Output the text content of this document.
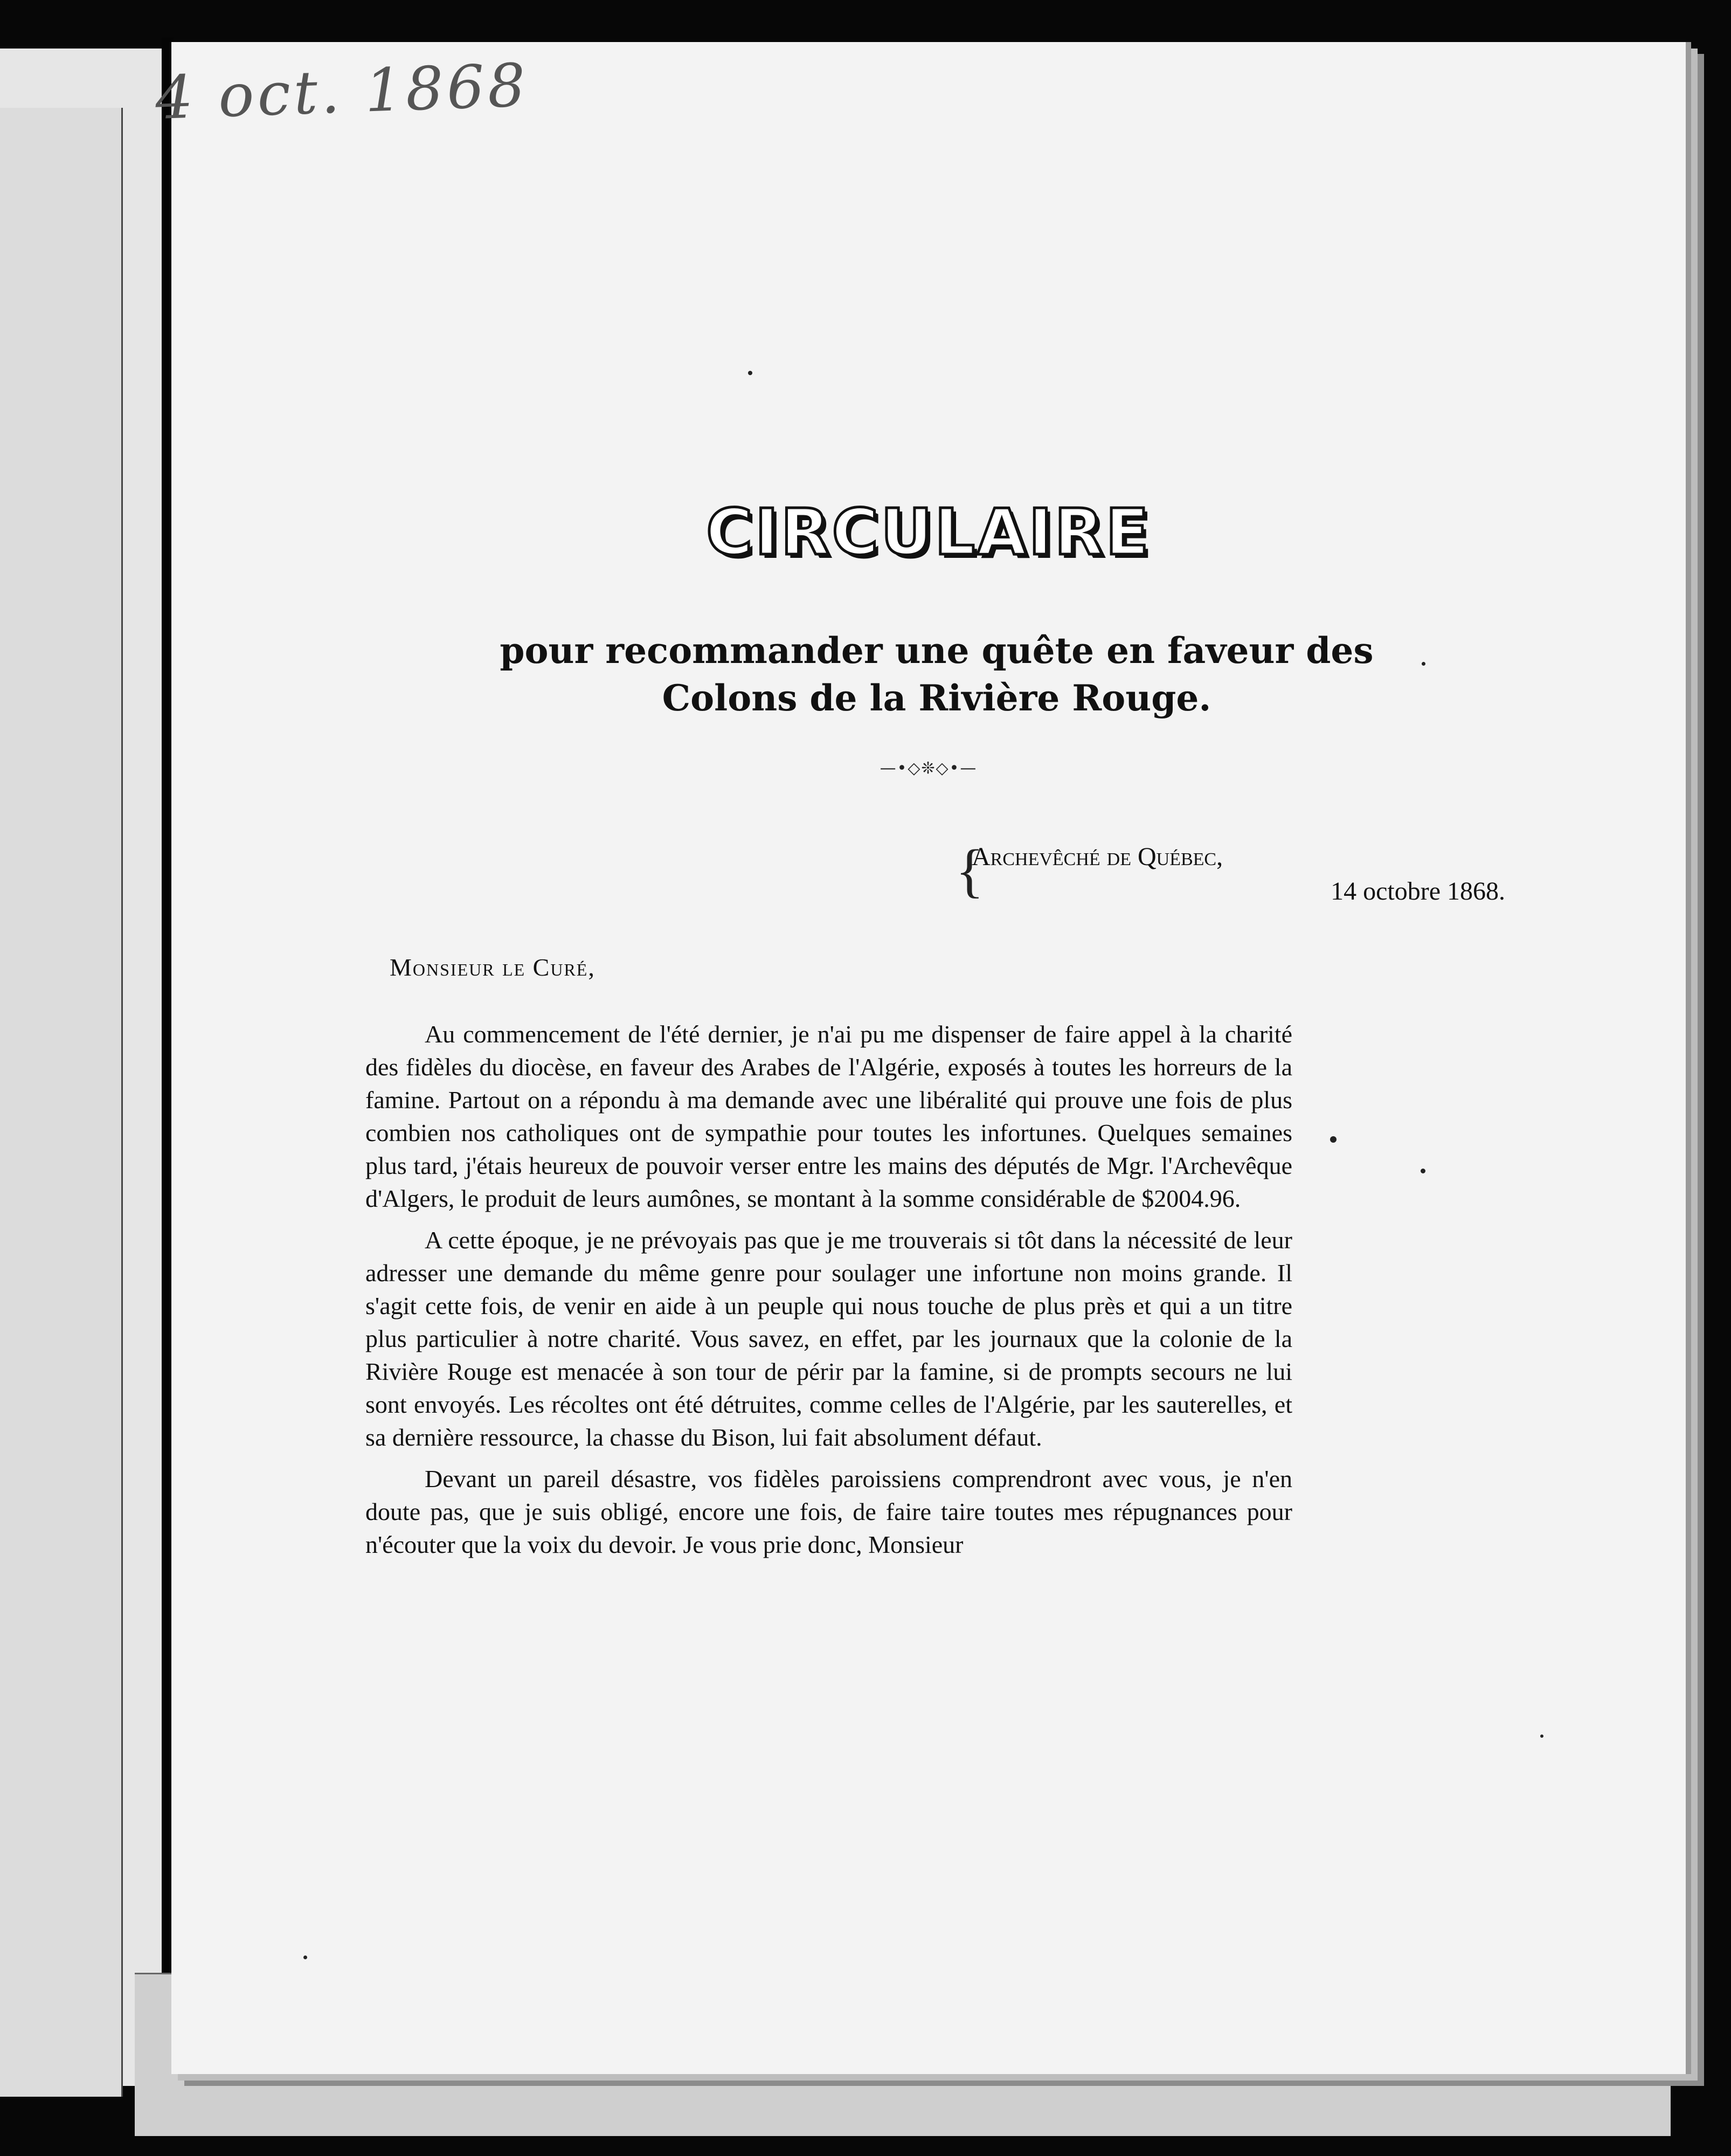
4 oct. 1868
CIRCULAIRE
pour recommander une quête en faveur des
Colons de la Rivière Rouge.
—•◇❊◇•—
{
Archevêché de Québec,
14 octobre 1868.
Monsieur le Curé,

Au commencement de l'été dernier, je n'ai pu me dispenser de faire appel à la charité des fidèles du diocèse, en faveur des Arabes de l'Algérie, exposés à toutes les horreurs de la famine. Partout on a répondu à ma demande avec une libéralité qui prouve une fois de plus combien nos catholiques ont de sympathie pour toutes les infortunes. Quelques semaines plus tard, j'étais heureux de pouvoir verser entre les mains des députés de Mgr. l'Archevêque d'Algers, le produit de leurs aumônes, se montant à la somme considérable de $2004.96.

A cette époque, je ne prévoyais pas que je me trouverais si tôt dans la nécessité de leur adresser une demande du même genre pour soulager une infortune non moins grande. Il s'agit cette fois, de venir en aide à un peuple qui nous touche de plus près et qui a un titre plus particulier à notre charité. Vous savez, en effet, par les journaux que la colonie de la Rivière Rouge est menacée à son tour de périr par la famine, si de prompts secours ne lui sont envoyés. Les récoltes ont été détruites, comme celles de l'Algérie, par les sauterelles, et sa dernière ressource, la chasse du Bison, lui fait absolument défaut.

Devant un pareil désastre, vos fidèles paroissiens comprendront avec vous, je n'en doute pas, que je suis obligé, encore une fois, de faire taire toutes mes répugnances pour n'écouter que la voix du devoir. Je vous prie donc, Monsieur
